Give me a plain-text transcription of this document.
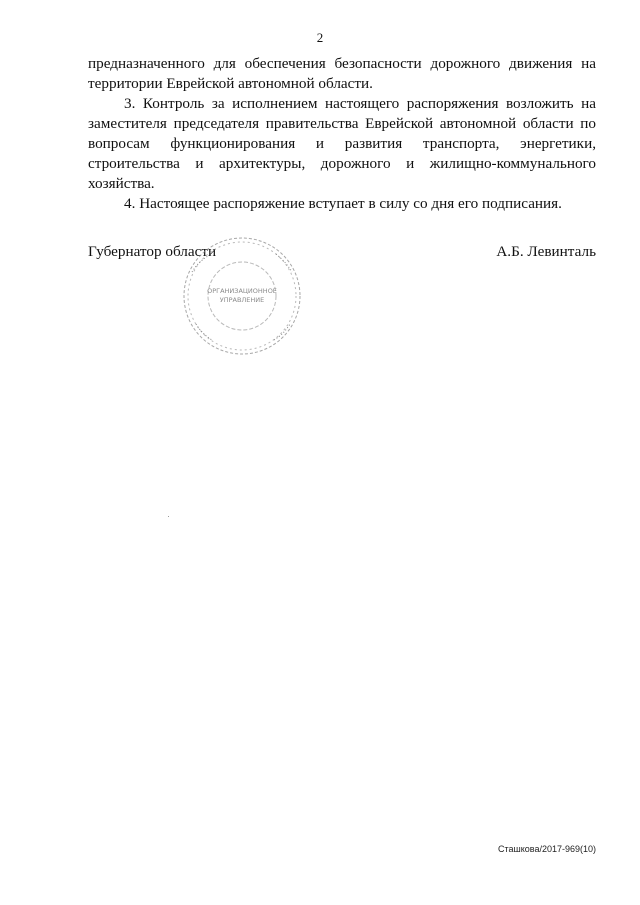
2

предназначенного для обеспечения безопасности дорожного движения на территории Еврейской автономной области.

3. Контроль за исполнением настоящего распоряжения возложить на заместителя председателя правительства Еврейской автономной области по вопросам функционирования и развития транспорта, энергетики, строительства и архитектуры, дорожного и жилищно-коммунального хозяйства.

4. Настоящее распоряжение вступает в силу со дня его подписания.

Губернатор области	А.Б. Левинталь
ОРГАНИЗАЦИОННОЕ
УПРАВЛЕНИЕ
Сташкова/2017-969(10)
